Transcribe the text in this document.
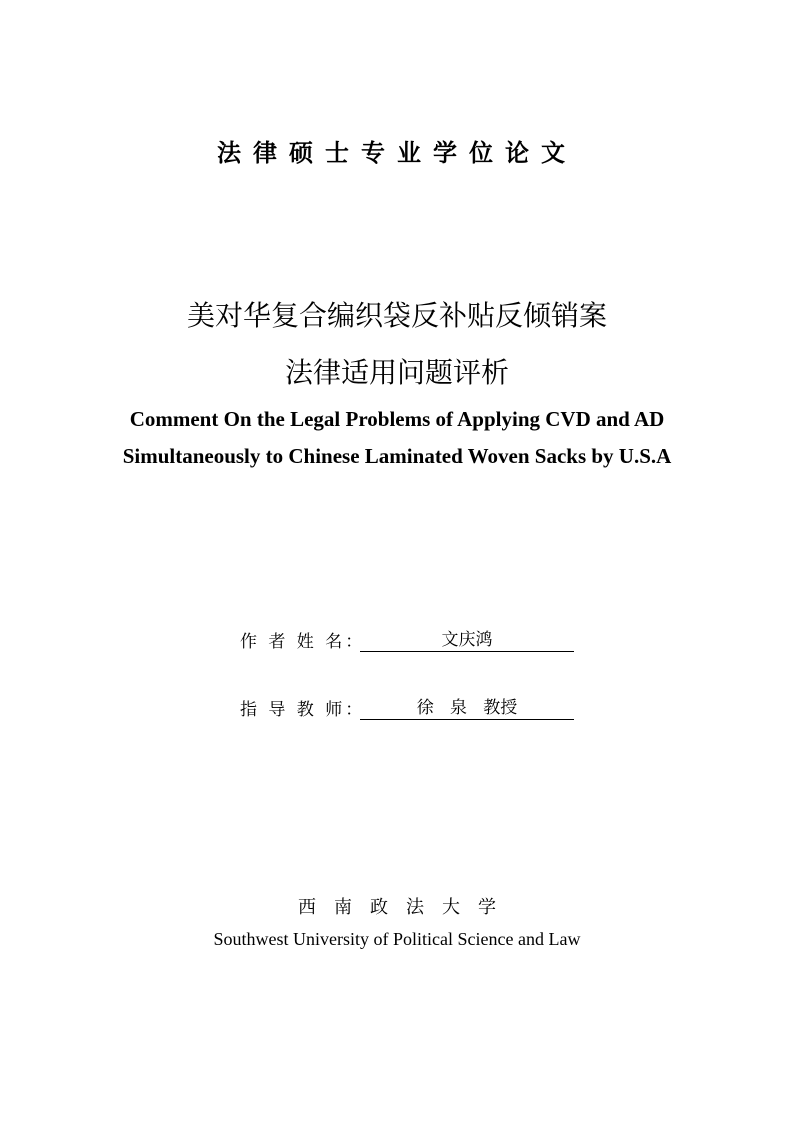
法律硕士专业学位论文
美对华复合编织袋反补贴反倾销案
法律适用问题评析
Comment On the Legal Problems of Applying CVD and AD
Simultaneously to Chinese Laminated Woven Sacks by U.S.A
作 者 姓 名：	文庆鸿
指 导 教 师：	徐   泉   教授
西南政法大学
Southwest University of Political Science and Law
